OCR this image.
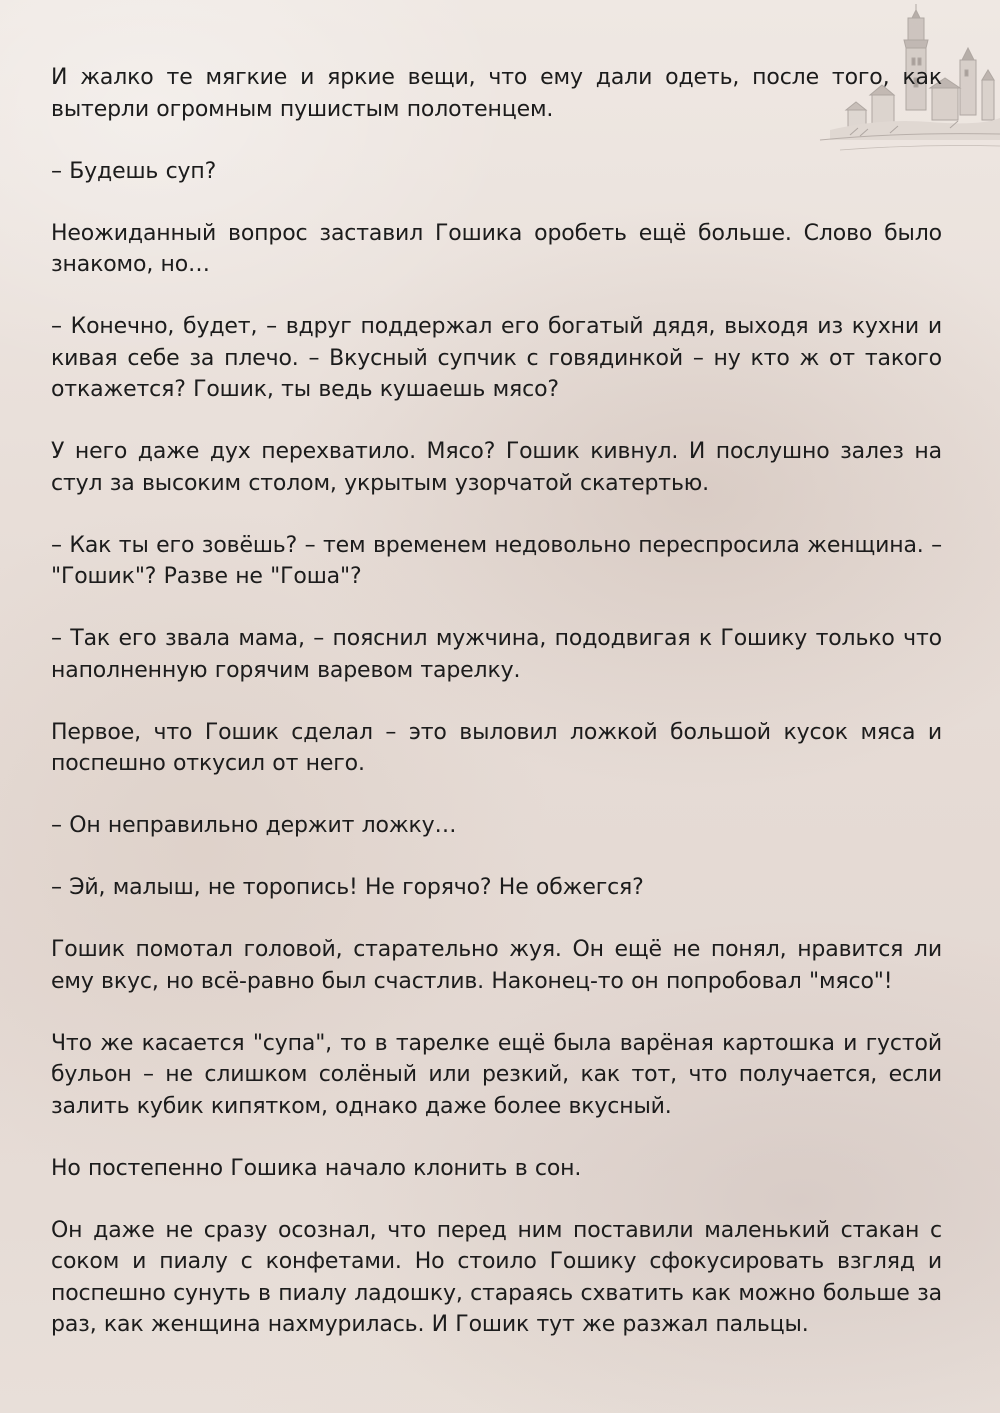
И жалко те мягкие и яркие вещи, что ему дали одеть, после того, как вытерли огромным пушистым полотенцем.

– Будешь суп?

Неожиданный вопрос заставил Гошика оробеть ещё больше. Слово было знакомо, но…

– Конечно, будет, – вдруг поддержал его богатый дядя, выходя из кухни и кивая себе за плечо. – Вкусный супчик с говядинкой – ну кто ж от такого откажется? Гошик, ты ведь кушаешь мясо?

У него даже дух перехватило. Мясо? Гошик кивнул. И послушно залез на стул за высоким столом, укрытым узорчатой скатертью.

– Как ты его зовёшь? – тем временем недовольно переспросила женщина. – "Гошик"? Разве не "Гоша"?

– Так его звала мама, – пояснил мужчина, пододвигая к Гошику только что наполненную горячим варевом тарелку.

Первое, что Гошик сделал – это выловил ложкой большой кусок мяса и поспешно откусил от него.

– Он неправильно держит ложку…

– Эй, малыш, не торопись! Не горячо? Не обжегся?

Гошик помотал головой, старательно жуя. Он ещё не понял, нравится ли ему вкус, но всё-равно был счастлив. Наконец-то он попробовал "мясо"!

Что же касается "супа", то в тарелке ещё была варёная картошка и густой бульон – не слишком солёный или резкий, как тот, что получается, если залить кубик кипятком, однако даже более вкусный.

Но постепенно Гошика начало клонить в сон.

Он даже не сразу осознал, что перед ним поставили маленький стакан с соком и пиалу с конфетами. Но стоило Гошику сфокусировать взгляд и поспешно сунуть в пиалу ладошку, стараясь схватить как можно больше за раз, как женщина нахмурилась. И Гошик тут же разжал пальцы.
